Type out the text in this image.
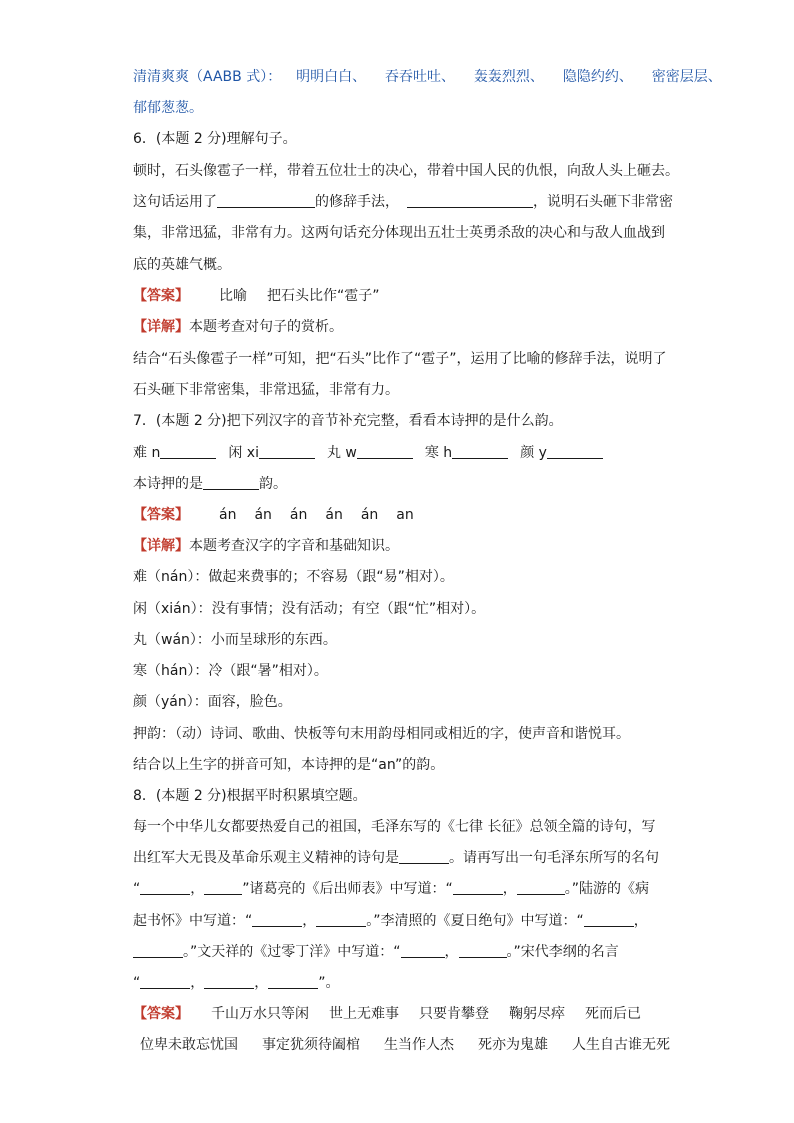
清清爽爽（AABB 式）： 明明白白、 吞吞吐吐、 轰轰烈烈、 隐隐约约、 密密层层、
郁郁葱葱。
6．(本题 2 分)理解句子。
顿时，石头像雹子一样，带着五位壮士的决心，带着中国人民的仇恨，向敌人头上砸去。
这句话运用了	的修辞手法，	，说明石头砸下非常密
集，非常迅猛，非常有力。这两句话充分体现出五壮士英勇杀敌的决心和与敌人血战到
底的英雄气概。
【答案】 比喻 把石头比作“雹子”
【详解】本题考查对句子的赏析。
结合“石头像雹子一样”可知，把“石头”比作了“雹子”，运用了比喻的修辞手法，说明了
石头砸下非常密集，非常迅猛，非常有力。
7．(本题 2 分)把下列汉字的音节补充完整，看看本诗押的是什么韵。
难 n	闲 xi	丸 w	寒 h	颜 y
本诗押的是	韵。
【答案】 án án án án án an
【详解】本题考查汉字的字音和基础知识。
难（nán）：做起来费事的；不容易（跟“易”相对）。
闲（xián）：没有事情；没有活动；有空（跟“忙”相对）。
丸（wán）：小而呈球形的东西。
寒（hán）：冷（跟“暑”相对）。
颜（yán）：面容，脸色。
押韵：（动）诗词、歌曲、快板等句末用韵母相同或相近的字，使声音和谐悦耳。
结合以上生字的拼音可知，本诗押的是“an”的韵。
8．(本题 2 分)根据平时积累填空题。
每一个中华儿女都要热爱自己的祖国，毛泽东写的《七律 长征》总领全篇的诗句，写
出红军大无畏及革命乐观主义精神的诗句是	。请再写出一句毛泽东所写的名句
“	，	”诸葛亮的《后出师表》中写道：“	，	。”陆游的《病
起书怀》中写道：“	，	。”李清照的《夏日绝句》中写道：“	，
。”文天祥的《过零丁洋》中写道：“	，	。”宋代李纲的名言
“	，	，	”。
【答案】 千山万水只等闲 世上无难事 只要肯攀登 鞠躬尽瘁 死而后已
位卑未敢忘忧国 事定犹须待阖棺 生当作人杰 死亦为鬼雄 人生自古谁无死
